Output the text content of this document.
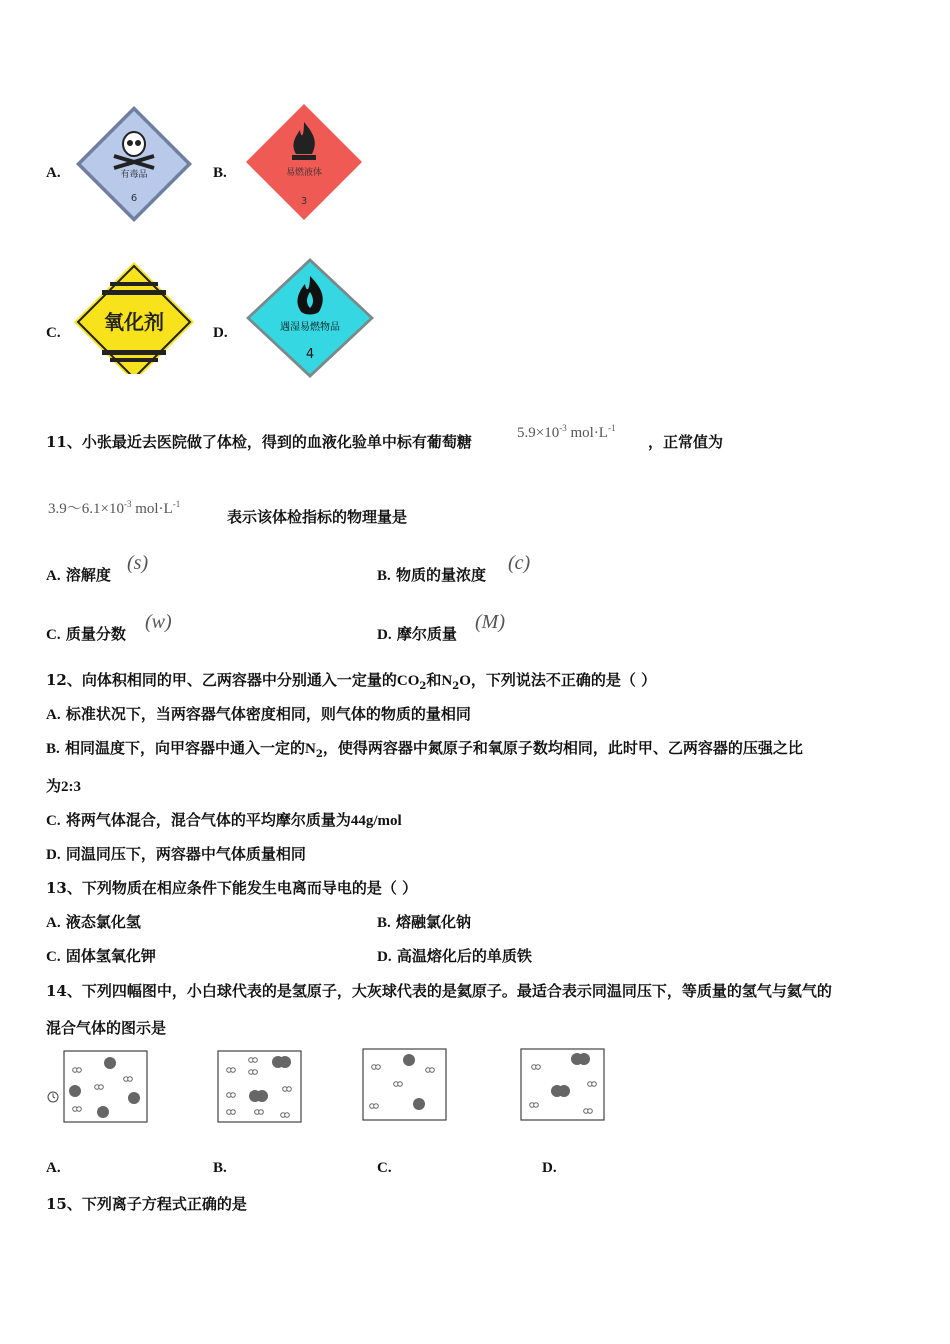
A.	有毒品
6
B.	易燃液体
3
C. 氧化剂	D.	遇湿易燃物品
4
11、小张最近去医院做了体检，得到的血液化验单中标有葡萄糖	$5.9\times 10^{-3}$ $mol\cdot L^{-1}$
，正常值为
$3.9\sim 6.1\times 10^{-3}$ $mol\cdot L^{-1}$
表示该体检指标的物理量是
A. 溶解度
(s)
B. 物质的量浓度
(c)
C. 质量分数
(w)
D. 摩尔质量
(M)
12、向体积相同的甲、乙两容器中分别通入一定量的$CO_2$和$N_2O$，下列说法不正确的是（ ）
A. 标准状况下，当两容器气体密度相同，则气体的物质的量相同
B. 相同温度下，向甲容器中通入一定的$N_2$，使得两容器中氮原子和氧原子数均相同，此时甲、乙两容器的压强之比
为2:3
C. 将两气体混合，混合气体的平均摩尔质量为44g/mol
D. 同温同压下，两容器中气体质量相同
13、下列物质在相应条件下能发生电离而导电的是（ ）
A. 液态氯化氢	B. 熔融氯化钠
C. 固体氢氧化钾	D. 高温熔化后的单质铁
14、下列四幅图中，小白球代表的是氢原子，大灰球代表的是氦原子。最适合表示同温同压下，等质量的氢气与氦气的
混合气体的图示是
A.	B.	C.	D.
15、下列离子方程式正确的是
